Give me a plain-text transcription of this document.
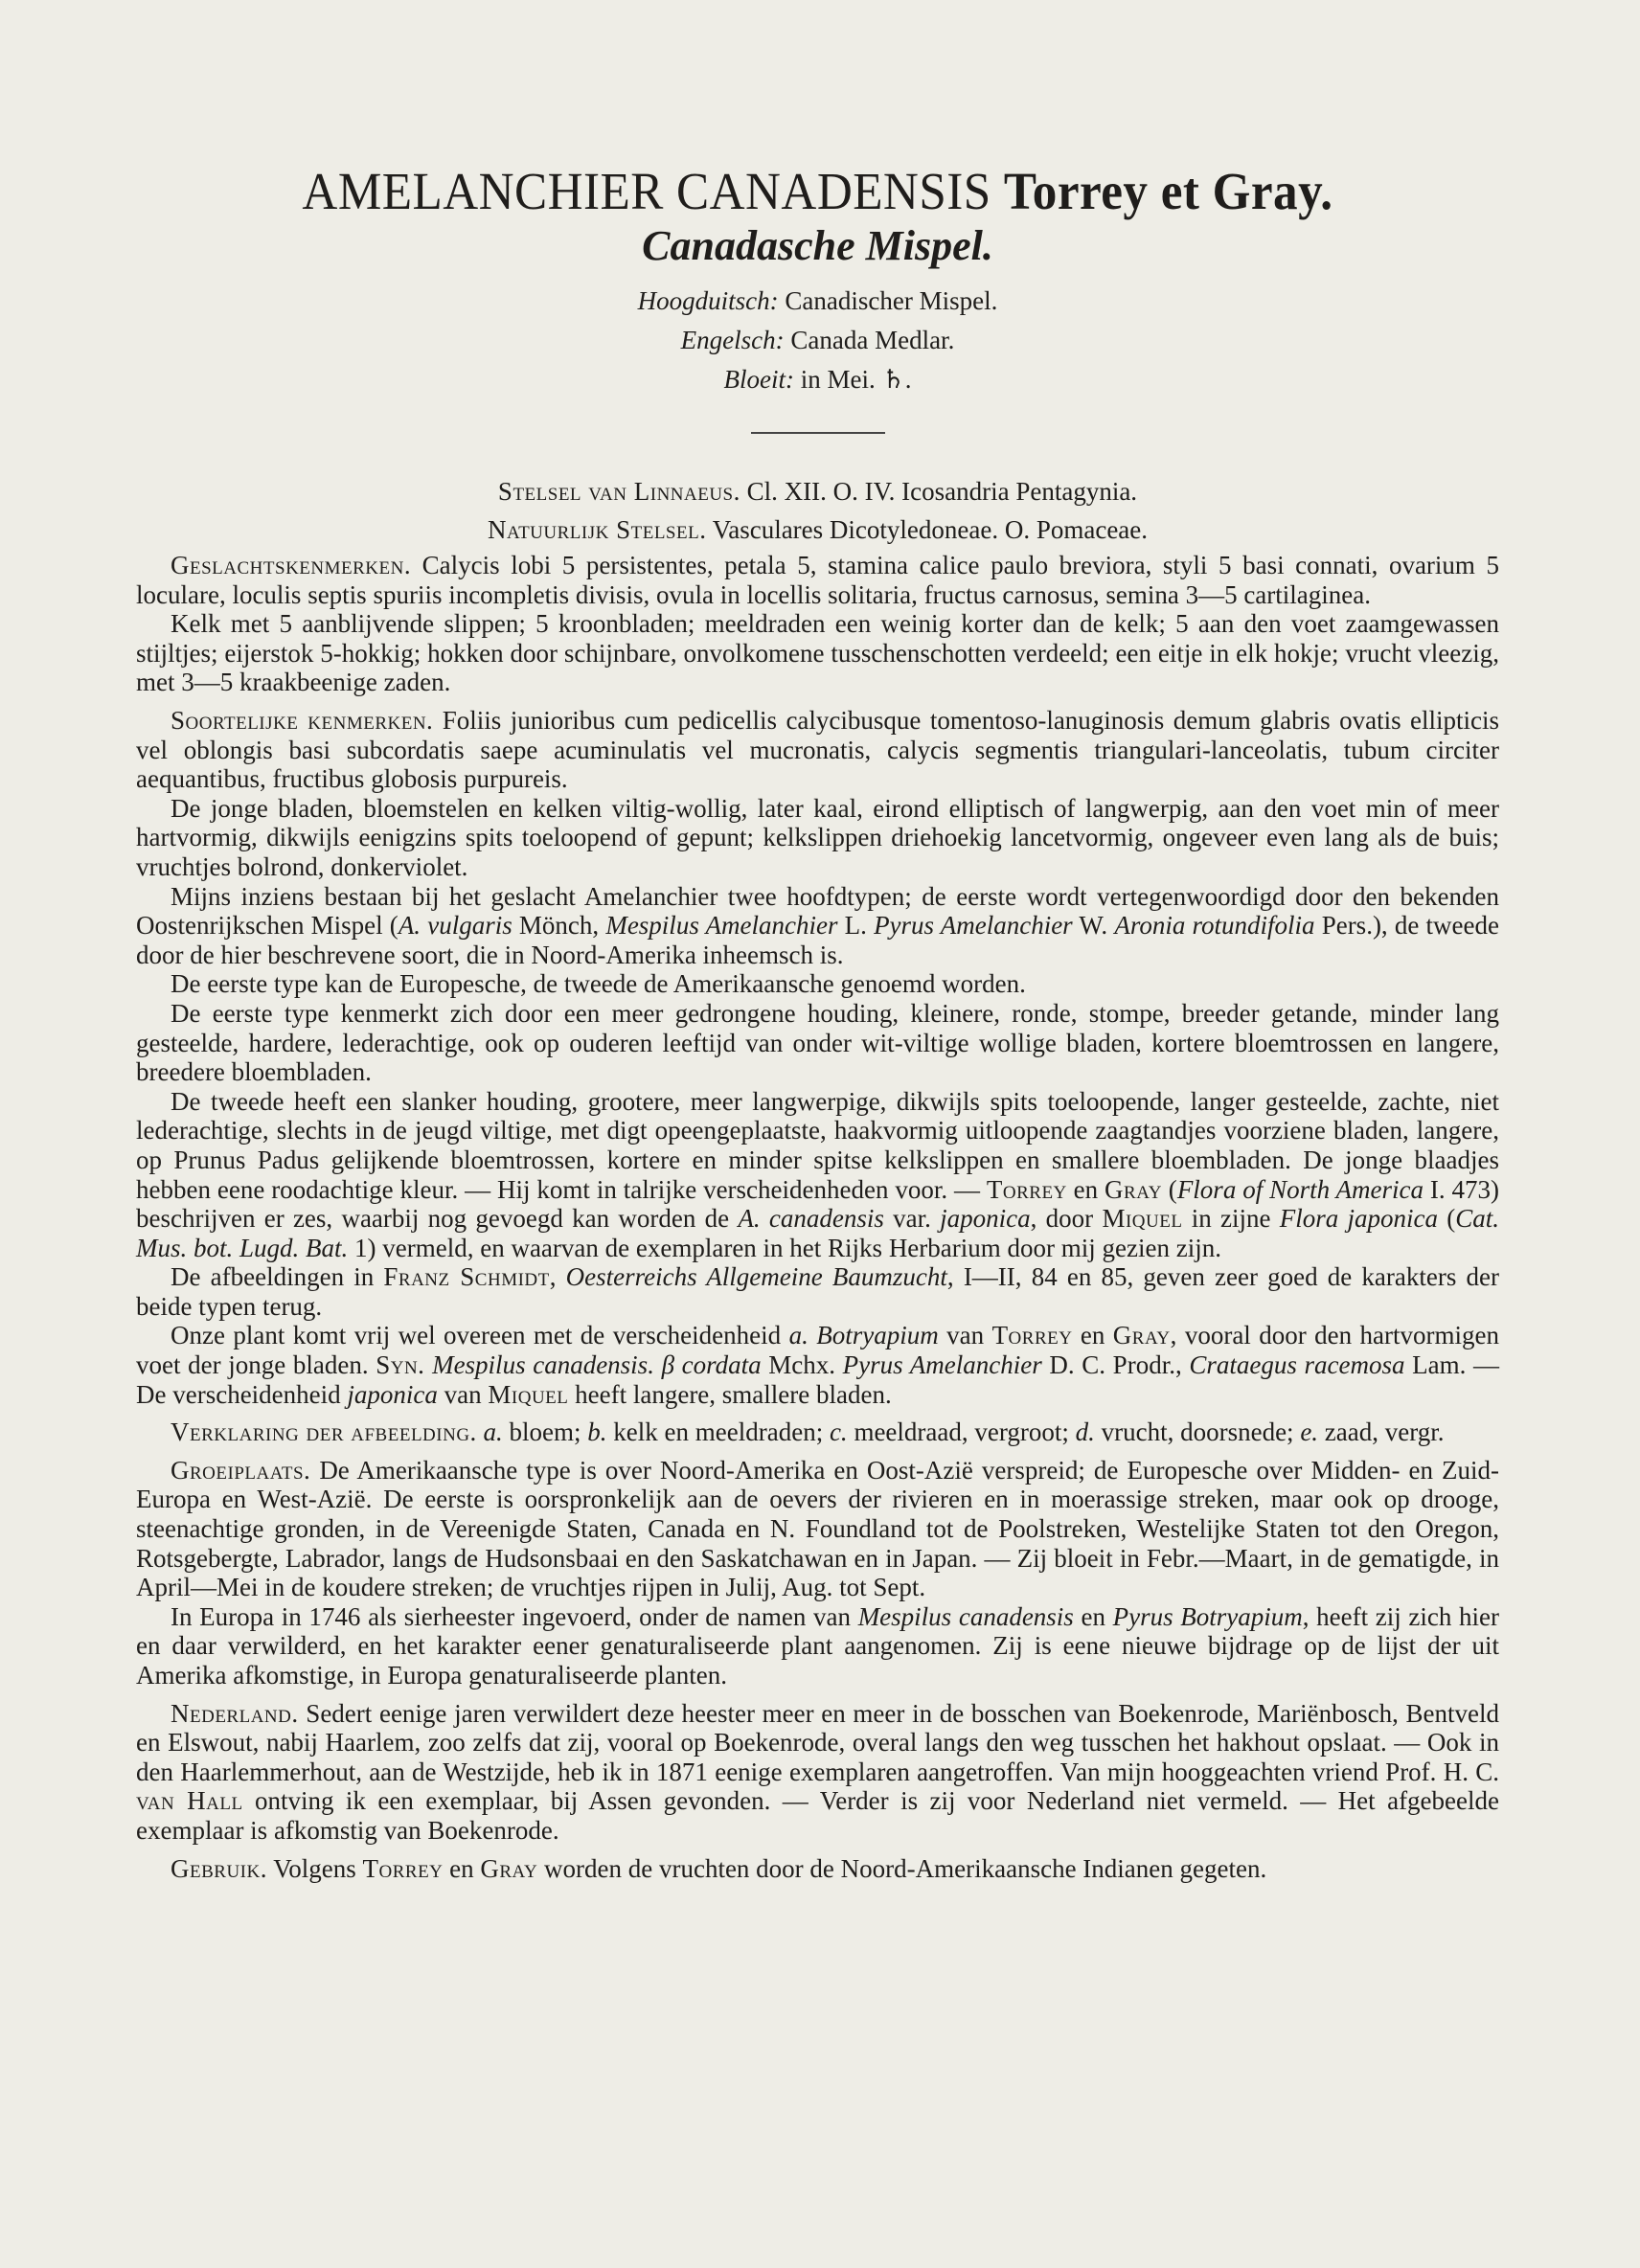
AMELANCHIER CANADENSIS Torrey et Gray.
Canadasche Mispel.
Hoogduitsch: Canadischer Mispel.
Engelsch: Canada Medlar.
Bloeit: in Mei. ♄.
Stelsel van Linnaeus. Cl. XII. O. IV. Icosandria Pentagynia.
Natuurlijk Stelsel. Vasculares Dicotyledoneae. O. Pomaceae.

Geslachtskenmerken. Calycis lobi 5 persistentes, petala 5, stamina calice paulo breviora, styli 5 basi connati, ovarium 5 loculare, loculis septis spuriis incompletis divisis, ovula in locellis solitaria, fructus carnosus, semina 3—5 cartilaginea.

Kelk met 5 aanblijvende slippen; 5 kroonbladen; meeldraden een weinig korter dan de kelk; 5 aan den voet zaamgewassen stijltjes; eijerstok 5-hokkig; hokken door schijnbare, onvolkomene tusschenschotten verdeeld; een eitje in elk hokje; vrucht vleezig, met 3—5 kraakbeenige zaden.

Soortelijke kenmerken. Foliis junioribus cum pedicellis calycibusque tomentoso-lanuginosis demum glabris ovatis ellipticis vel oblongis basi subcordatis saepe acuminulatis vel mucronatis, calycis segmentis triangulari-lanceolatis, tubum circiter aequantibus, fructibus globosis purpureis.

De jonge bladen, bloemstelen en kelken viltig-wollig, later kaal, eirond elliptisch of langwerpig, aan den voet min of meer hartvormig, dikwijls eenigzins spits toeloopend of gepunt; kelkslippen driehoekig lancetvormig, ongeveer even lang als de buis; vruchtjes bolrond, donkerviolet.

Mijns inziens bestaan bij het geslacht Amelanchier twee hoofdtypen; de eerste wordt vertegenwoordigd door den bekenden Oostenrijkschen Mispel (A. vulgaris Mönch, Mespilus Amelanchier L. Pyrus Amelanchier W. Aronia rotundifolia Pers.), de tweede door de hier beschrevene soort, die in Noord-Amerika inheemsch is.

De eerste type kan de Europesche, de tweede de Amerikaansche genoemd worden.

De eerste type kenmerkt zich door een meer gedrongene houding, kleinere, ronde, stompe, breeder getande, minder lang gesteelde, hardere, lederachtige, ook op ouderen leeftijd van onder wit-viltige wollige bladen, kortere bloemtrossen en langere, breedere bloembladen.

De tweede heeft een slanker houding, grootere, meer langwerpige, dikwijls spits toeloopende, langer gesteelde, zachte, niet lederachtige, slechts in de jeugd viltige, met digt opeengeplaatste, haakvormig uitloopende zaagtandjes voorziene bladen, langere, op Prunus Padus gelijkende bloemtrossen, kortere en minder spitse kelkslippen en smallere bloembladen. De jonge blaadjes hebben eene roodachtige kleur. — Hij komt in talrijke verscheidenheden voor. — Torrey en Gray (Flora of North America I. 473) beschrijven er zes, waarbij nog gevoegd kan worden de A. canadensis var. japonica, door Miquel in zijne Flora japonica (Cat. Mus. bot. Lugd. Bat. 1) vermeld, en waarvan de exemplaren in het Rijks Herbarium door mij gezien zijn.

De afbeeldingen in Franz Schmidt, Oesterreichs Allgemeine Baumzucht, I—II, 84 en 85, geven zeer goed de karakters der beide typen terug.

Onze plant komt vrij wel overeen met de verscheidenheid a. Botryapium van Torrey en Gray, vooral door den hartvormigen voet der jonge bladen. Syn. Mespilus canadensis. β cordata Mchx. Pyrus Amelanchier D. C. Prodr., Crataegus racemosa Lam. — De verscheidenheid japonica van Miquel heeft langere, smallere bladen.

Verklaring der afbeelding. a. bloem; b. kelk en meeldraden; c. meeldraad, vergroot; d. vrucht, doorsnede; e. zaad, vergr.

Groeiplaats. De Amerikaansche type is over Noord-Amerika en Oost-Azië verspreid; de Europesche over Midden- en Zuid-Europa en West-Azië. De eerste is oorspronkelijk aan de oevers der rivieren en in moerassige streken, maar ook op drooge, steenachtige gronden, in de Vereenigde Staten, Canada en N. Foundland tot de Poolstreken, Westelijke Staten tot den Oregon, Rotsgebergte, Labrador, langs de Hudsonsbaai en den Saskatchawan en in Japan. — Zij bloeit in Febr.—Maart, in de gematigde, in April—Mei in de koudere streken; de vruchtjes rijpen in Julij, Aug. tot Sept.

In Europa in 1746 als sierheester ingevoerd, onder de namen van Mespilus canadensis en Pyrus Botryapium, heeft zij zich hier en daar verwilderd, en het karakter eener genaturaliseerde plant aangenomen. Zij is eene nieuwe bijdrage op de lijst der uit Amerika afkomstige, in Europa genaturaliseerde planten.

Nederland. Sedert eenige jaren verwildert deze heester meer en meer in de bosschen van Boekenrode, Mariënbosch, Bentveld en Elswout, nabij Haarlem, zoo zelfs dat zij, vooral op Boekenrode, overal langs den weg tusschen het hakhout opslaat. — Ook in den Haarlemmerhout, aan de Westzijde, heb ik in 1871 eenige exemplaren aangetroffen. Van mijn hooggeachten vriend Prof. H. C. van Hall ontving ik een exemplaar, bij Assen gevonden. — Verder is zij voor Nederland niet vermeld. — Het afgebeelde exemplaar is afkomstig van Boekenrode.

Gebruik. Volgens Torrey en Gray worden de vruchten door de Noord-Amerikaansche Indianen gegeten.
